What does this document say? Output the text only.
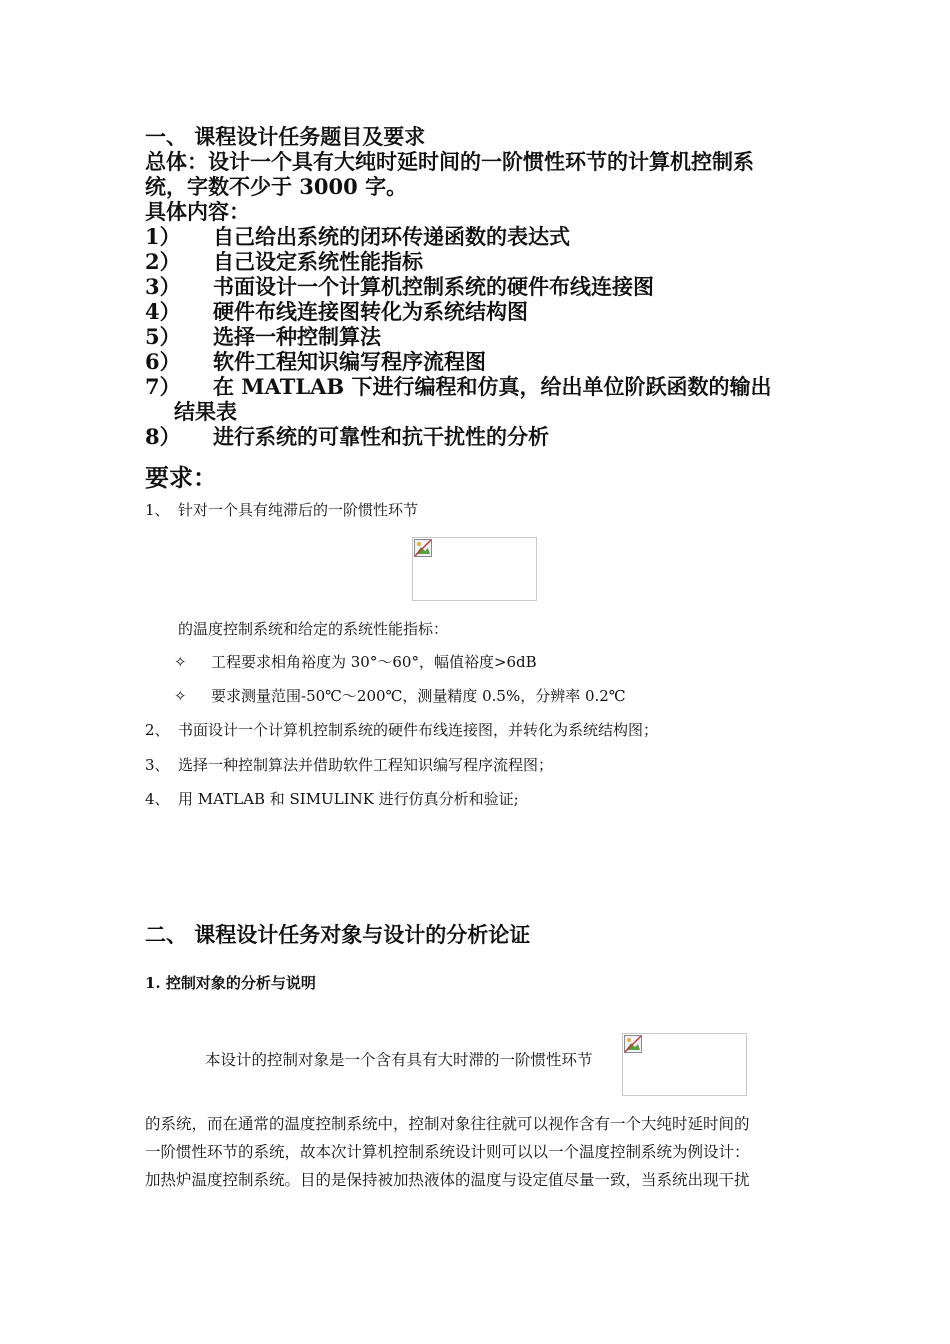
一、 课程设计任务题目及要求
总体：设计一个具有大纯时延时间的一阶惯性环节的计算机控制系
统，字数不少于 3000 字。
具体内容：
1） 自己给出系统的闭环传递函数的表达式
2） 自己设定系统性能指标
3） 书面设计一个计算机控制系统的硬件布线连接图
4） 硬件布线连接图转化为系统结构图
5） 选择一种控制算法
6） 软件工程知识编写程序流程图
7） 在 MATLAB 下进行编程和仿真，给出单位阶跃函数的输出
结果表
8） 进行系统的可靠性和抗干扰性的分析
要求：
1、 针对一个具有纯滞后的一阶惯性环节
的温度控制系统和给定的系统性能指标：
✧ 工程要求相角裕度为 30°～60°，幅值裕度>6dB
✧ 要求测量范围-50℃～200℃，测量精度 0.5%，分辨率 0.2℃
2、 书面设计一个计算机控制系统的硬件布线连接图，并转化为系统结构图；
3、 选择一种控制算法并借助软件工程知识编写程序流程图；
4、 用 MATLAB 和 SIMULINK 进行仿真分析和验证;
二、 课程设计任务对象与设计的分析论证
1. 控制对象的分析与说明
本设计的控制对象是一个含有具有大时滞的一阶惯性环节
的系统，而在通常的温度控制系统中，控制对象往往就可以视作含有一个大纯时延时间的
一阶惯性环节的系统，故本次计算机控制系统设计则可以以一个温度控制系统为例设计：
加热炉温度控制系统。目的是保持被加热液体的温度与设定值尽量一致，当系统出现干扰
